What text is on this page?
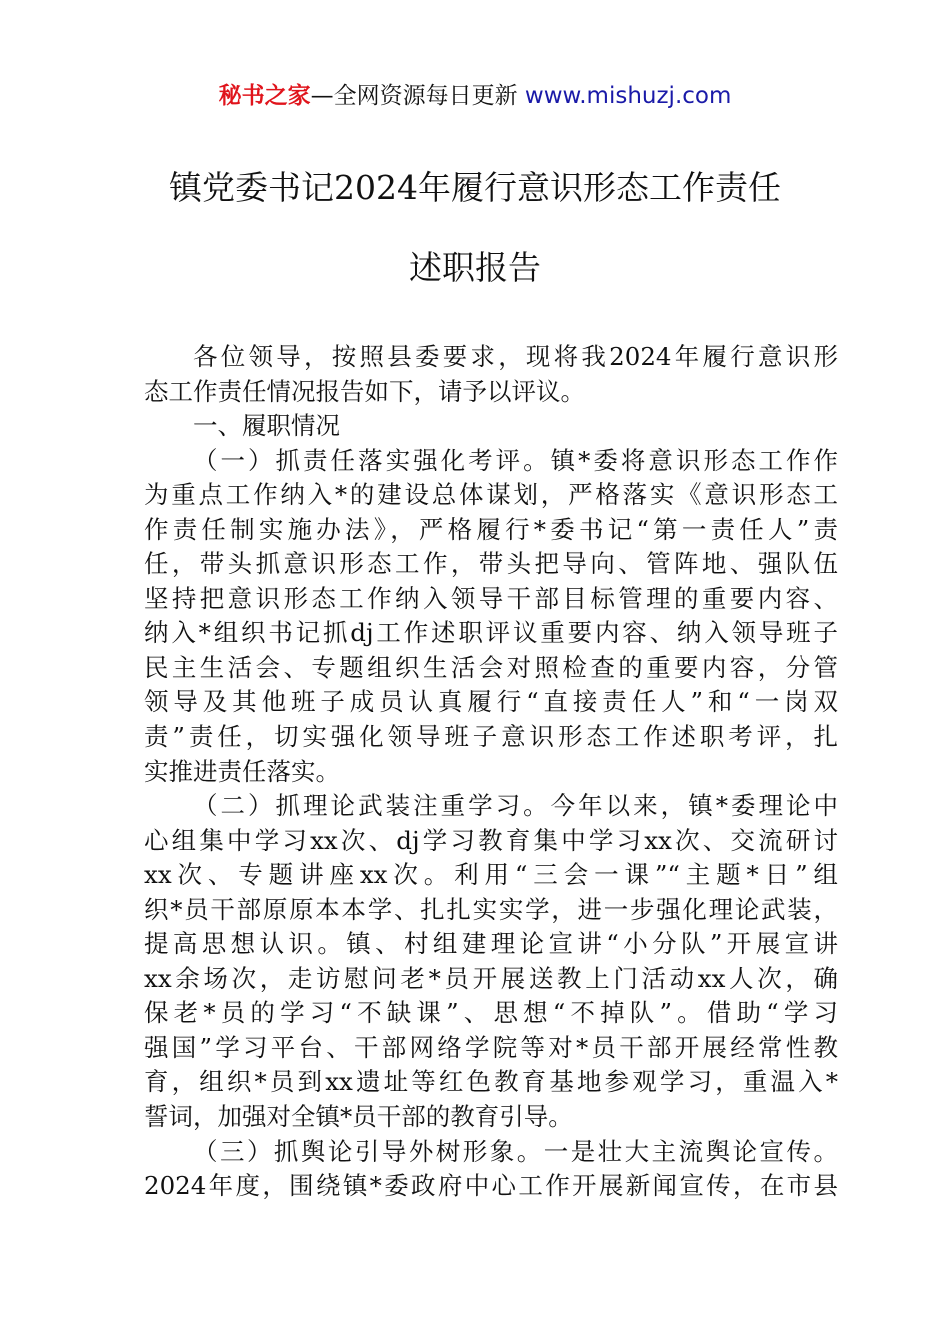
秘书之家—全网资源每日更新 www.mishuzj.com
镇党委书记2024年履行意识形态工作责任
述职报告
各位领导，按照县委要求，现将我2024年履行意识形
态工作责任情况报告如下，请予以评议。
一、履职情况
（一）抓责任落实强化考评。镇*委将意识形态工作作
为重点工作纳入*的建设总体谋划，严格落实《意识形态工
作责任制实施办法》，严格履行*委书记“第一责任人”责
任，带头抓意识形态工作，带头把导向、管阵地、强队伍
坚持把意识形态工作纳入领导干部目标管理的重要内容、
纳入*组织书记抓dj工作述职评议重要内容、纳入领导班子
民主生活会、专题组织生活会对照检查的重要内容，分管
领导及其他班子成员认真履行“直接责任人”和“一岗双
责”责任，切实强化领导班子意识形态工作述职考评，扎
实推进责任落实。
（二）抓理论武装注重学习。今年以来，镇*委理论中
心组集中学习xx次、dj学习教育集中学习xx次、交流研讨
xx次、专题讲座xx次。利用“三会一课”“主题*日”组
织*员干部原原本本学、扎扎实实学，进一步强化理论武装，
提高思想认识。镇、村组建理论宣讲“小分队”开展宣讲
xx余场次，走访慰问老*员开展送教上门活动xx人次，确
保老*员的学习“不缺课”、思想“不掉队”。借助“学习
强国”学习平台、干部网络学院等对*员干部开展经常性教
育，组织*员到xx遗址等红色教育基地参观学习，重温入*
誓词，加强对全镇*员干部的教育引导。
（三）抓舆论引导外树形象。一是壮大主流舆论宣传。
2024年度，围绕镇*委政府中心工作开展新闻宣传，在市县
